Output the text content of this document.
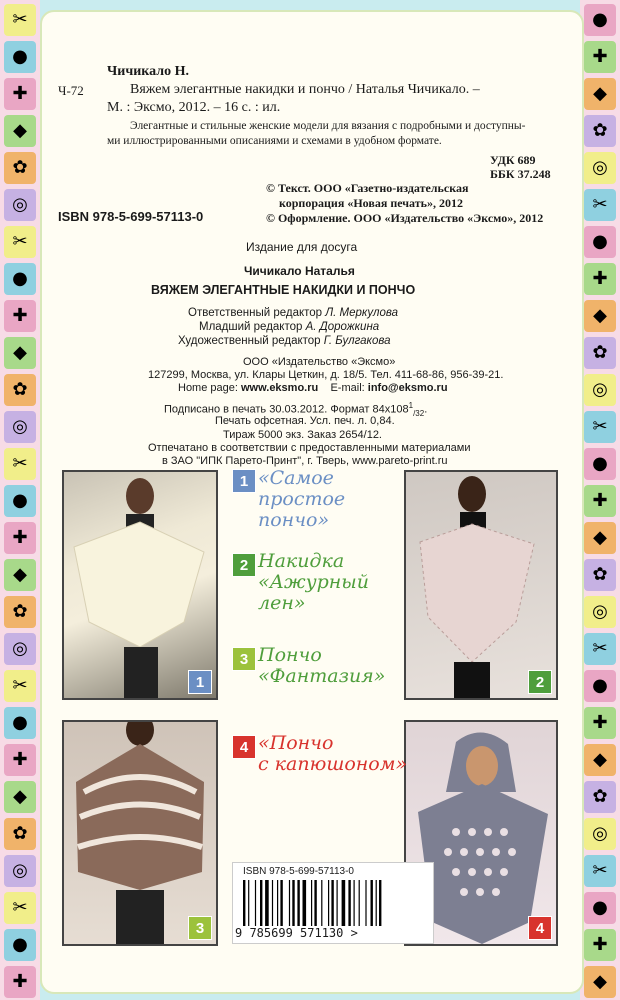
Чичикало Н.
Ч-72	Вяжем элегантные накидки и пончо / Наталья Чичикало. –
М. : Эксмо, 2012. – 16 с. : ил.
Элегантные и стильные женские модели для вязания с подробными и доступны-
ми иллюстрированными описаниями и схемами в удобном формате.
УДК 689
ББК 37.248
© Текст. ООО «Газетно-издательская
корпорация «Новая печать», 2012
© Оформление. ООО «Издательство «Эксмо», 2012
ISBN 978-5-699-57113-0
Издание для досуга
Чичикало Наталья
ВЯЖЕМ ЭЛЕГАНТНЫЕ НАКИДКИ И ПОНЧО
Ответственный редактор Л. Меркулова
Младший редактор А. Дорожкина
Художественный редактор Г. Булгакова
ООО «Издательство «Эксмо»
127299, Москва, ул. Клары Цеткин, д. 18/5. Тел. 411-68-86, 956-39-21.
Home page: www.eksmo.ru E-mail: info@eksmo.ru
Подписано в печать 30.03.2012. Формат $84x108^1_{/32}$.
Печать офсетная. Усл. печ. л. 0,84.
Тираж 5000 экз. Заказ 2654/12.
Отпечатано в соответствии с предоставленными материалами
в ЗАО "ИПК Парето-Принт", г. Тверь, www.pareto-print.ru
1	2
3	4
1 «Самое
простое
пончо»
2 Накидка
«Ажурный
лен»
3 Пончо
«Фантазия»
4 «Пончо
с капюшоном»
ISBN 978-5-699-57113-0
9 785699 571130 >
✂
●
✚
◆
✿
◎
✂
●
✚
◆
✿
◎
✂
●
✚
◆
✿
◎
✂
●
✚
◆
✿
◎
✂
●
✚
●
✚
◆
✿
◎
✂
●
✚
◆
✿
◎
✂
●
✚
◆
✿
◎
✂
●
✚
◆
✿
◎
✂
●
✚
◆
